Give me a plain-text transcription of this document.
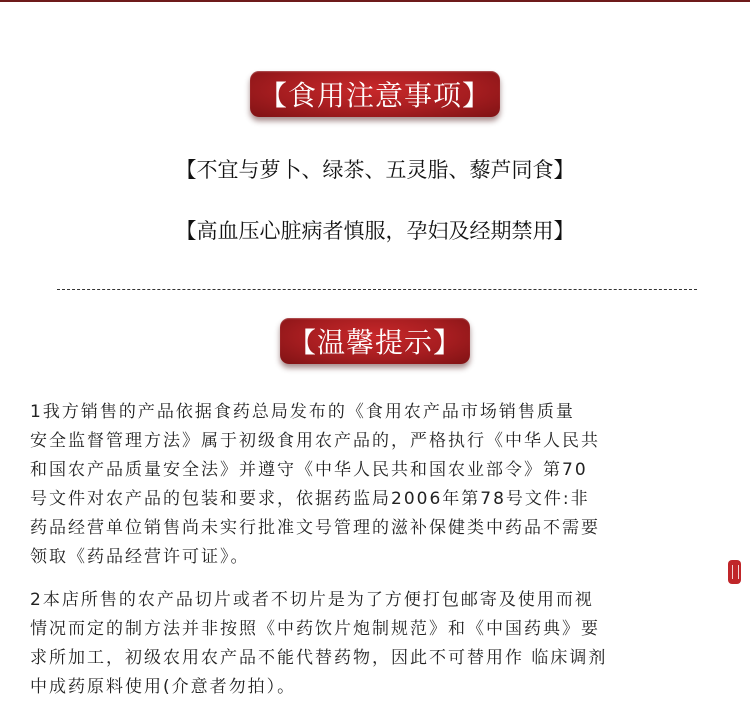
【食用注意事项】
【不宜与萝卜、绿茶、五灵脂、藜芦同食】
【高血压心脏病者慎服，孕妇及经期禁用】
【温馨提示】
1我方销售的产品依据食药总局发布的《食用农产品市场销售质量
安全监督管理方法》属于初级食用农产品的，严格执行《中华人民共
和国农产品质量安全法》并遵守《中华人民共和国农业部令》第70
号文件对农产品的包装和要求，依据药监局2006年第78号文件:非
药品经营单位销售尚未实行批准文号管理的滋补保健类中药品不需要
领取《药品经营许可证》。
2本店所售的农产品切片或者不切片是为了方便打包邮寄及使用而视
情况而定的制方法并非按照《中药饮片炮制规范》和《中国药典》要
求所加工，初级农用农产品不能代替药物，因此不可替用作 临床调剂
中成药原料使用(介意者勿拍）。
